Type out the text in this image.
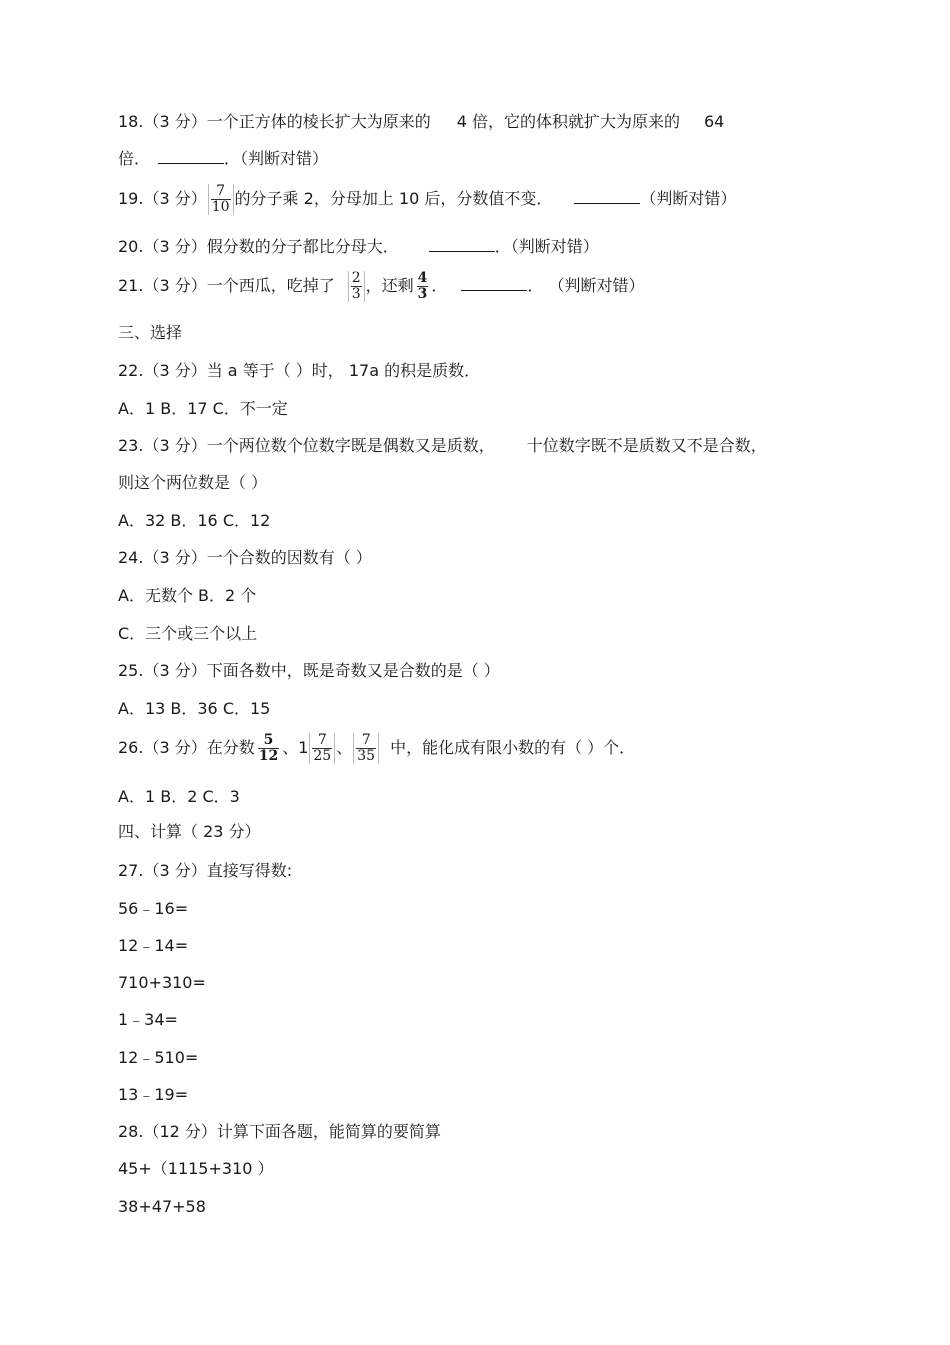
18.（3 分）一个正方体的棱长扩大为原来的 4 倍，它的体积就扩大为原来的 64
倍．	．（判断对错）
19.（3 分） $\frac{7}{10}$ 的分子乘 2，分母加上 10 后，分数值不变．	（判断对错）
20.（3 分）假分数的分子都比分母大．	．（判断对错）
21.（3 分）一个西瓜，吃掉了 $\frac{2}{3}$ ，还剩 $\frac{4}{3}$ ．	． （判断对错）
三、选择
22.（3 分）当 a 等于（ ）时， 17a 的积是质数．
A．1 B．17 C．不一定
23.（3 分）一个两位数个位数字既是偶数又是质数， 十位数字既不是质数又不是合数，
则这个两位数是（ ）
A．32 B．16 C．12
24.（3 分）一个合数的因数有（ ）
A．无数个 B．2 个
C．三个或三个以上
25.（3 分）下面各数中，既是奇数又是合数的是（ ）
A．13 B．36 C．15
26.（3 分）在分数 $\frac{5}{12}$ 、$1 \frac{7}{25}$ 、 $\frac{7}{35}$ 中，能化成有限小数的有（ ）个．
A．1 B．2 C．3
四、计算（ 23 分）
27.（3 分）直接写得数:
56﹣16=
12﹣14=
710+310=
1﹣34=
12﹣510=
13﹣19=
28.（12 分）计算下面各题，能简算的要简算
45+（1115+310 ）
38+47+58
